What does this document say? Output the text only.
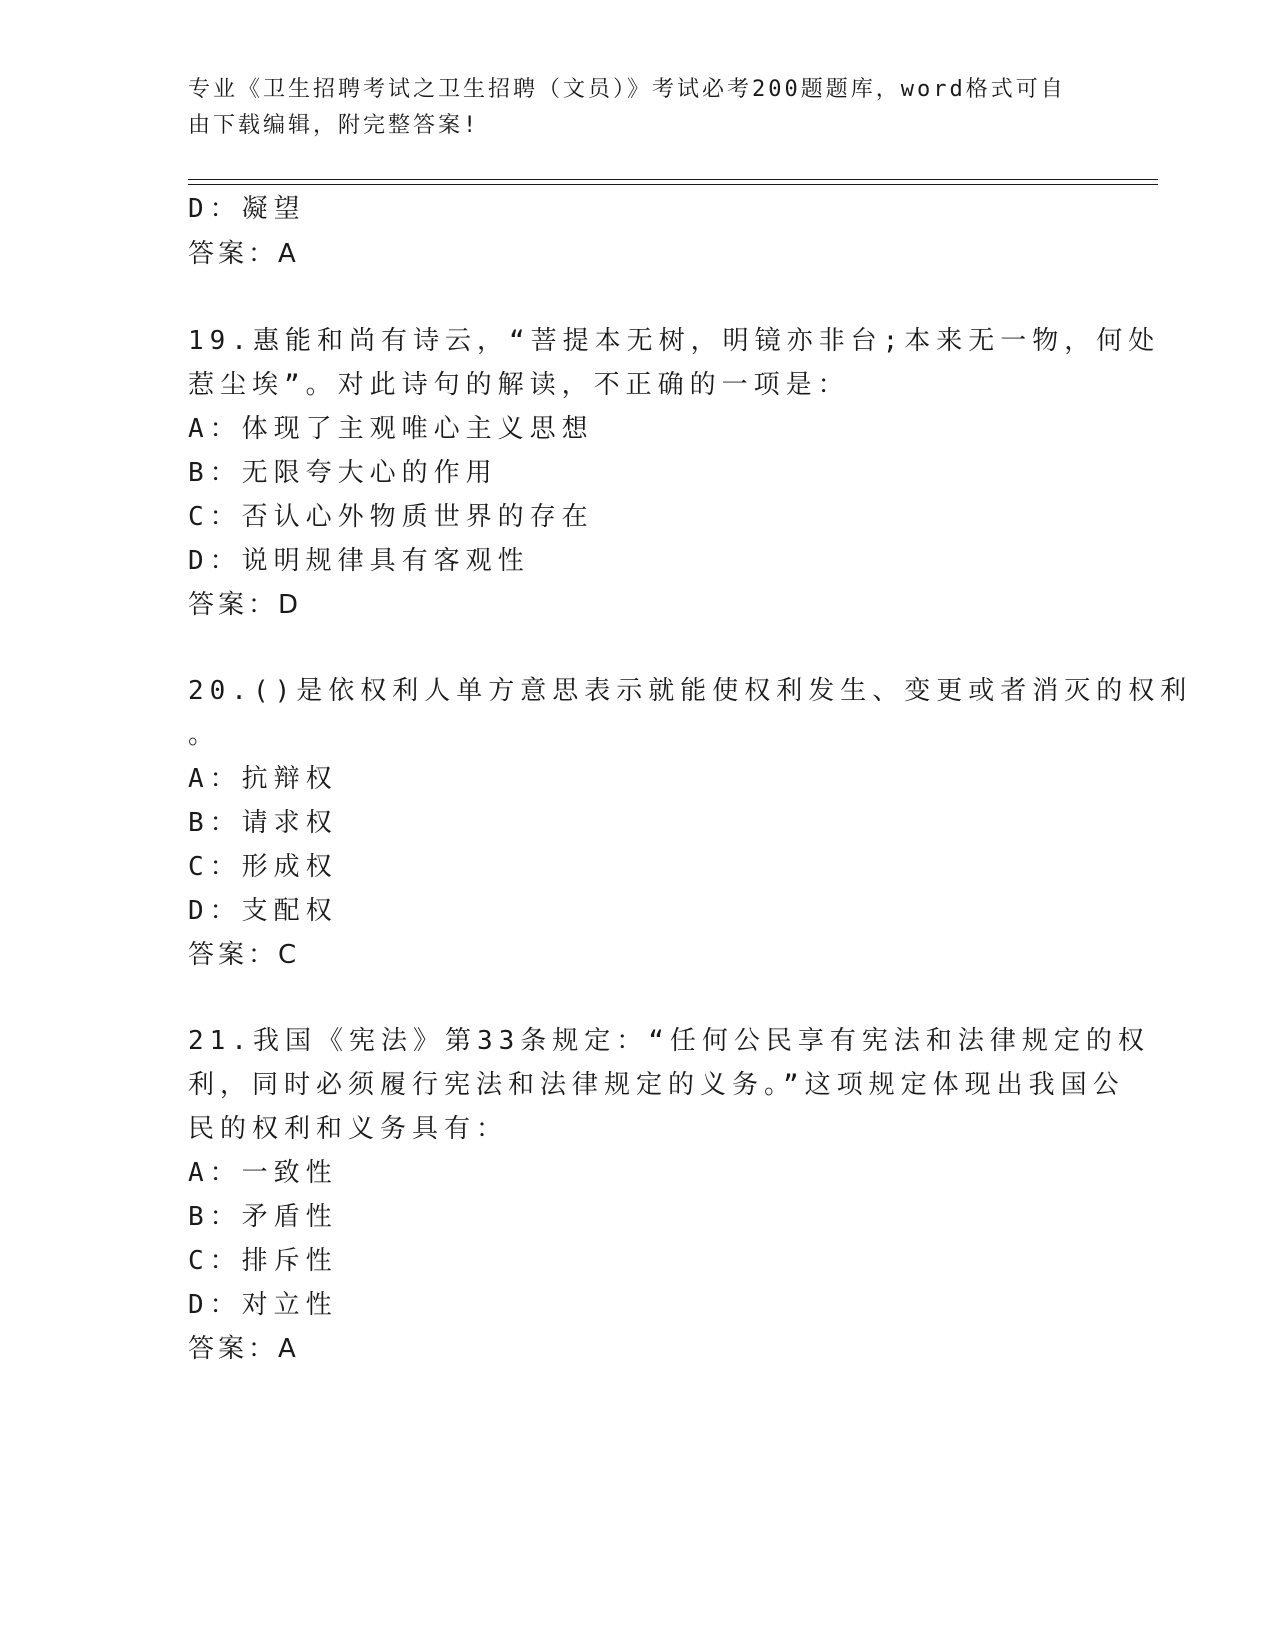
专业《卫生招聘考试之卫生招聘（文员）》考试必考200题题库，word格式可自
由下载编辑，附完整答案!
D：凝望
答案：A
19.惠能和尚有诗云，“菩提本无树，明镜亦非台;本来无一物，何处
惹尘埃”。对此诗句的解读，不正确的一项是：
A：体现了主观唯心主义思想
B：无限夸大心的作用
C：否认心外物质世界的存在
D：说明规律具有客观性
答案：D
20.()是依权利人单方意思表示就能使权利发生、变更或者消灭的权利
。
A：抗辩权
B：请求权
C：形成权
D：支配权
答案：C
21.我国《宪法》第33条规定：“任何公民享有宪法和法律规定的权
利，同时必须履行宪法和法律规定的义务。”这项规定体现出我国公
民的权利和义务具有：
A：一致性
B：矛盾性
C：排斥性
D：对立性
答案：A
